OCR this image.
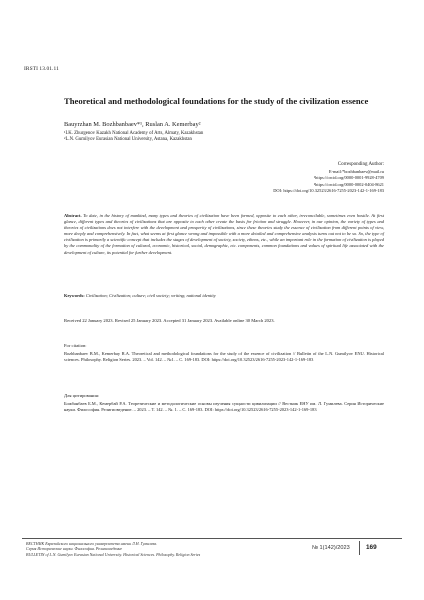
IRSTI 13.01.11
Theoretical and methodological foundations for the study of the civilization essence
Bauyrzhan M. Bozhbanbaev*¹, Ruslan A. Kemerbay²
¹I.K. Zhurgenov Kazakh National Academy of Arts, Almaty, Kazakhstan
²L.N. Gumilyov Eurasian National University, Astana, Kazakhstan
Corresponding Author:
E-mail:*bozhbanbaev@mail.ru
¹https://orcid.org/0000-0001-9928-4709
²https://orcid.org/0000-0002-0404-8621
DOI: https://doi.org/10.32523/2616-7255-2023-142-1-169-183
Abstract. To date, in the history of mankind, many types and theories of civilization have been formed, opposite to each other, irreconcilable, sometimes even hostile. At first glance, different types and theories of civilizations that are opposite to each other create the basis for friction and struggle. However, in our opinion, the variety of types and theories of civilizations does not interfere with the development and prosperity of civilizations, since these theories study the essence of civilization from different points of view, more deeply and comprehensively. In fact, what seems at first glance wrong and impossible with a more detailed and comprehensive analysis turns out not to be so. So, the type of civilization is primarily a scientific concept that includes the stages of development of society, society, ethnos, etc., while an important role in the formation of civilization is played by the commonality of the formation of cultural, economic, historical, social, demographic, etc. components, common foundations and values of spiritual life associated with the development of culture, its potential for further development.
Keywords: Civilization; Civilization; culture; civil society; writing; national identity
Received 22 January 2023. Revised 25 January 2023. Accepted 31 January 2023. Available online 30 March 2023.
For citation:
Bozhbanbaev B.M., Kemerbay R.A. Theoretical and methodological foundations for the study of the essence of civilization // Bulletin of the L.N. Gumilyov ENU. Historical sciences. Philosophy. Religion Series. 2023. – Vol. 142. – №1. – С. 169-183. DOI: https://doi.org/10.32523/2616-7255-2023-142-1-169-183
Для цитирования:
Божбанбаев Б.М., Кемербай Р.А. Теоретические и методологические основы изучения сущности цивилизации // Вестник ЕНУ им. Л. Гумилева. Серия Исторические науки. Философия. Религиоведение. – 2023. – Т. 142. – №. 1. – С. 169-183. DOI: https://doi.org/10.32523/2616-7255-2023-142-1-169-183
ВЕСТНИК Евразийского национального университета имени Л.Н. Гумилева.
Серия Исторические науки. Философия. Религиоведение
BULLETIN of L.N. Gumilyov Eurasian National University. Historical Sciences. Philosophy. Religion Series
№ 1(142)/2023	169
